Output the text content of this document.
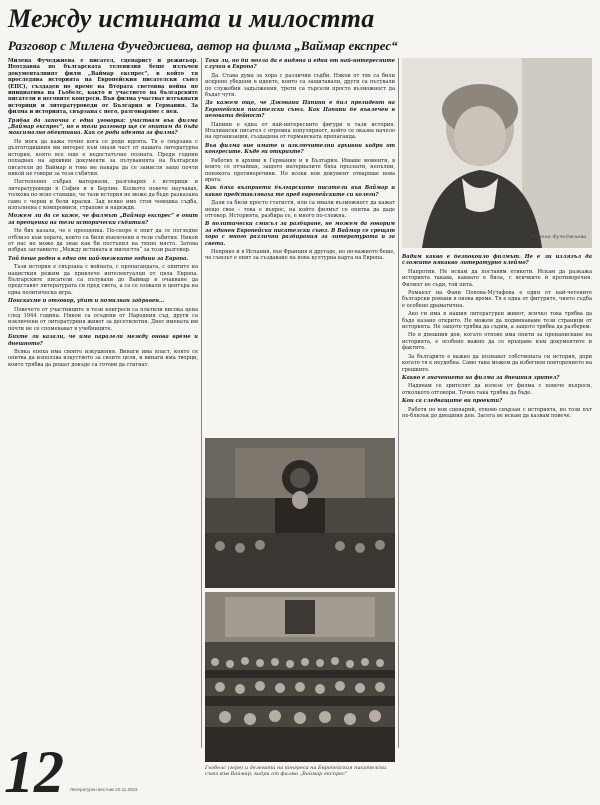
Между истината и милостта
Разговор с Милена Фучеджиева, автор на филма „Ваймар експрес“

Милена Фучеджиева е писател, сценарист и режисьор. Неотдавна по българската телевизия беше излъчен документалният филм „Ваймар експрес“, в който тя проследява историята на Европейския писателски съюз (ЕПС), създаден по време на Втората световна война по инициатива на Гьобелс, както и участието на българските писатели в неговите конгреси. Във филма участват изтъкнати историци и литературоведи от България и Германия. За филма и историята, свързана с него, разговаряме с нея.

Трябва да започна с една уговорка: участвам във филма „Ваймар експрес“, но в този разговор ще се опитам да бъда максимално обективна. Как се роди идеята за филма?

Не мога да кажа точно кога се роди идеята. Тя е свързана с дългогодишния ми интерес към онази част от нашата литературна история, която все още е недостатъчно позната. Преди години попаднах на архивни документи за пътуванията на български писатели до Ваймар и това ме накара да се замисля защо почти никой не говори за тези събития.

Постепенно събрах материали, разговарях с историци и литературоведи в София и в Берлин. Колкото повече научавах, толкова по-ясно ставаше, че тази история не може да бъде разказана само с черни и бели краски. Зад всяко име стои човешка съдба, изпълнена с компромиси, страхове и надежди.

Можем ли да се каже, че филмът „Ваймар експрес“ е опит за преоценка на тези исторически събития?

Не бих казала, че е преоценка. По-скоро е опит да се погледне отблизо към хората, които са били въвлечени в тези събития. Никой от нас не може да знае как би постъпил на тяхно място. Затова избрах заглавието „Между истината и милостта“ за този разговор.

Той беше роден в една от най-тежките години за Европа.

Тази история е свързана с войната, с пропагандата, с опитите на нацисткия режим да привлече интелектуалци от цяла Европа. Българските писатели са пътували до Ваймар в очакване да представят литературата си пред света, а са се озовали в центъра на една политическа игра.

Поискахме и отговор, убит и помилван забравен...

Повечето от участниците в тези конгреси са платили висока цена след 1944 година. Някои са осъдени от Народния съд, други са изключени от литературния живот за десетилетия. Днес имената им почти не се споменават в учебниците.

Бихте ли казали, че има паралели между онова време и днешното?

Всяка епоха има своите изкушения. Винаги има власт, която се опитва да използва изкуството за своите цели, и винаги има творци, които трябва да решат докъде са готови да стигнат.

Така ли, но би могла да е видяна и едни от най-интересните случаи в Европа?

Да. Става дума за хора с различни съдби. Някои от тях са били искрено убедени в идеите, които са защитавали, други са пътували по служебни задължения, трети са търсели просто възможност да бъдат чути.

Да кажем още, че Джовани Папини е бил президент на Европейския писателски съюз. Как Папини бе въвлечен в неговата дейност?

Папини е една от най-интересните фигури в тази история. Италиански писател с огромна популярност, който се оказва начело на организация, създадена от германската пропаганда.

Във филма вие имате и изключителни архивни кадри от конгресите. Къде ги открихте?

Работих в архиви в Германия и в България. Имаше моменти, в които се отчайвах, защото материалите бяха пръснати, непълни, понякога противоречиви. Но всеки нов документ отваряше нова врата.

Как бяха възприети българските писатели във Ваймар и какво представляваха те пред европейските си колеги?

Дали са били просто статисти, или са имали възможност да кажат нещо свое – това е въпрос, на който филмът се опитва да даде отговор. Историята, разбира се, е много по-сложна.

В политически смисъл за разбиране, не можем да говорим за единен Европейски писателски съюз. В Ваймар се срещат хора с много различни разбирания за литературата и за света.

Непряко и в Испания, във Франция и другаде, но по-важното беше, че съюзът е опит за създаване на нова културна карта на Европа.

Милена Фучеджиева

Вадим какво е безпокоило филмът. Не е ли излязъл да сложите някакво литературно клеймо?

Напротив. Не искам да поставям етикети. Искам да разкажа историята такава, каквато е била, с всичките ѝ противоречия. Филмът не съди, той пита.

Романът на Фани Попова-Мутафова е един от най-четените български романи в онова време. Тя е една от фигурите, чиято съдба е особено драматична.

Ако ги има в нашия литературен живот, всичко това трябва да бъде казано открито. Не можем да подминаваме тези страници от историята. Не защото трябва да съдим, а защото трябва да разберем.

Но в днешния ден, когато отново има опити за пренаписване на историята, е особено важно да се връщаме към документите и фактите.

За българите е важно да познават собствената си история, дори когато тя е неудобна. Само така можем да избегнем повторението на грешките.

Какво е значението на филма за днешния зрител?

Надявам се зрителят да излезе от филма с повече въпроси, отколкото отговори. Точно така трябва да бъде.

Кои са следващите ви проекти?

Работя по нов сценарий, отново свързан с историята, но този път по-близък до днешния ден. Засега не искам да казвам повече.

Гьобелс (горе) и делегати на конгреса на Европейския писателски съюз във Ваймар; кадри от филма „Ваймар експрес“
12 Литературен вестник 20.11.2023
